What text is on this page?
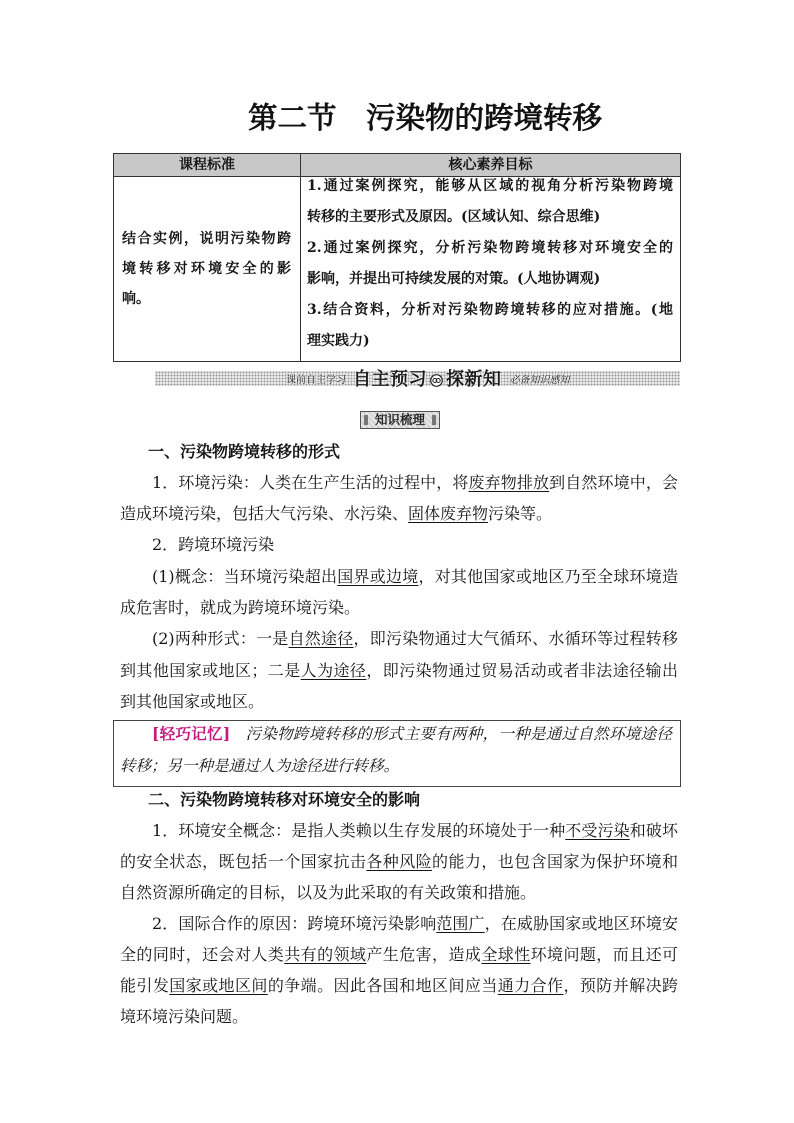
第二节　污染物的跨境转移
课程标准	核心素养目标
结合实例，说明污染物跨
境转移对环境安全的影
响。
1.通过案例探究，能够从区域的视角分析污染物跨境
转移的主要形式及原因。(区域认知、综合思维)
2.通过案例探究，分析污染物跨境转移对环境安全的
影响，并提出可持续发展的对策。(人地协调观)
3.结合资料，分析对污染物跨境转移的应对措施。(地
理实践力)
课前自主学习 自主预习 探新知 必备知识感知
知识梳理
一、污染物跨境转移的形式
1．环境污染：人类在生产生活的过程中，将废弃物排放到自然环境中，会
造成环境污染，包括大气污染、水污染、固体废弃物污染等。
2．跨境环境污染
(1)概念：当环境污染超出国界或边境，对其他国家或地区乃至全球环境造
成危害时，就成为跨境环境污染。
(2)两种形式：一是自然途径，即污染物通过大气循环、水循环等过程转移
到其他国家或地区；二是人为途径，即污染物通过贸易活动或者非法途径输出
到其他国家或地区。
[轻巧记忆] 污染物跨境转移的形式主要有两种，一种是通过自然环境途径
转移；另一种是通过人为途径进行转移。
二、污染物跨境转移对环境安全的影响
1．环境安全概念：是指人类赖以生存发展的环境处于一种不受污染和破坏
的安全状态，既包括一个国家抗击各种风险的能力，也包含国家为保护环境和
自然资源所确定的目标，以及为此采取的有关政策和措施。
2．国际合作的原因：跨境环境污染影响范围广，在威胁国家或地区环境安
全的同时，还会对人类共有的领域产生危害，造成全球性环境问题，而且还可
能引发国家或地区间的争端。因此各国和地区间应当通力合作，预防并解决跨
境环境污染问题。
